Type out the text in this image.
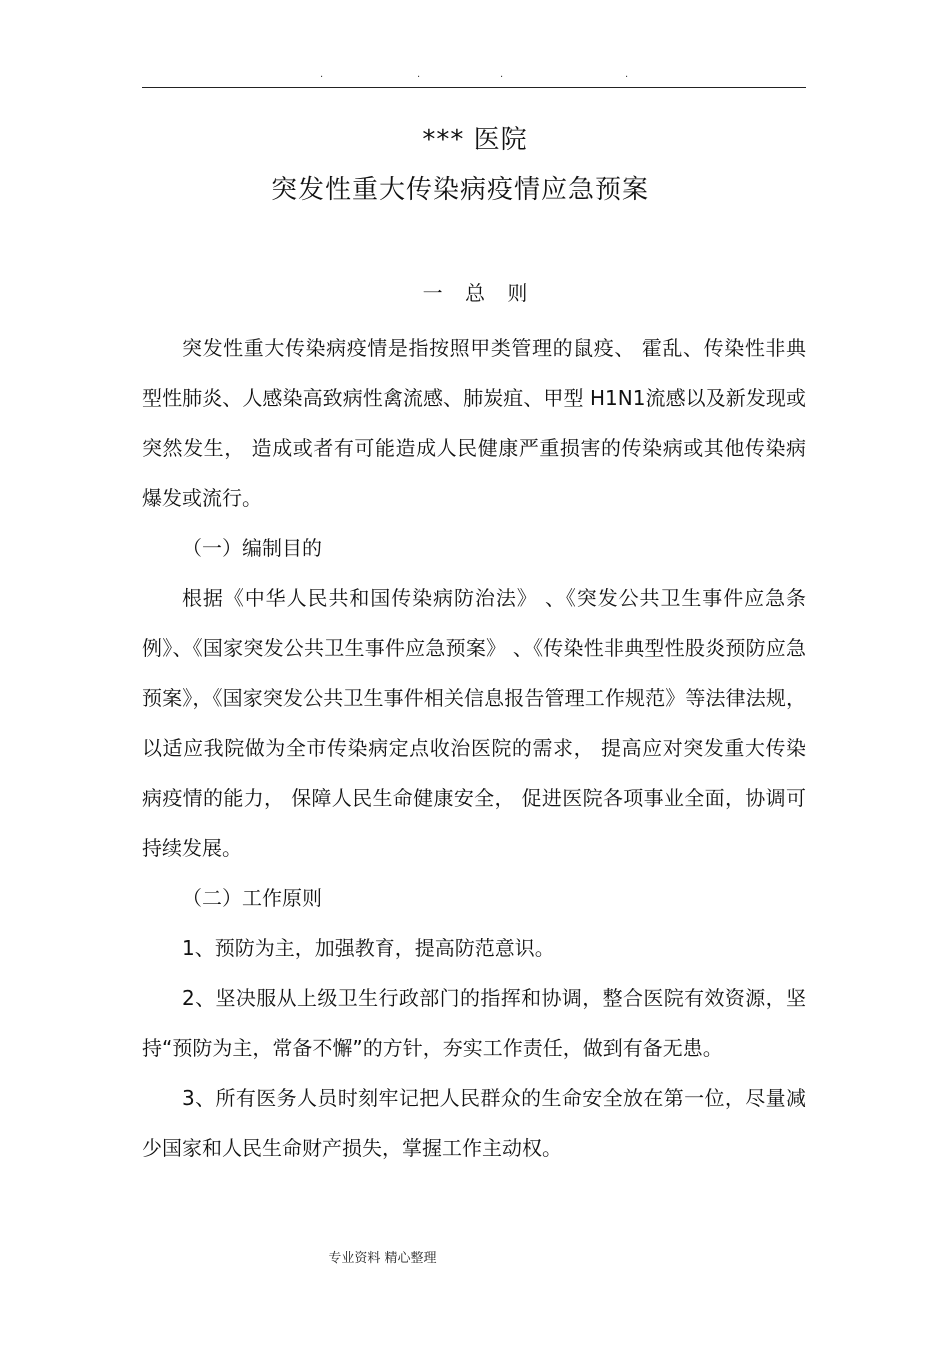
.	.	.	.
*** 医院
突发性重大传染病疫情应急预案
一 总 则

突发性重大传染病疫情是指按照甲类管理的鼠疫、 霍乱、传染性非典型性肺炎、人感染高致病性禽流感、肺炭疽、甲型 H1N1流感以及新发现或突然发生， 造成或者有可能造成人民健康严重损害的传染病或其他传染病爆发或流行。

（一）编制目的

根据《中华人民共和国传染病防治法》 、《突发公共卫生事件应急条例》、《国家突发公共卫生事件应急预案》 、《传染性非典型性股炎预防应急预案》，《国家突发公共卫生事件相关信息报告管理工作规范》等法律法规， 以适应我院做为全市传染病定点收治医院的需求， 提高应对突发重大传染病疫情的能力， 保障人民生命健康安全， 促进医院各项事业全面，协调可持续发展。

（二）工作原则

1、预防为主，加强教育，提高防范意识。

2、坚决服从上级卫生行政部门的指挥和协调，整合医院有效资源，坚持“预防为主，常备不懈”的方针，夯实工作责任，做到有备无患。

3、所有医务人员时刻牢记把人民群众的生命安全放在第一位，尽量减少国家和人民生命财产损失，掌握工作主动权。

专业资料 精心整理
